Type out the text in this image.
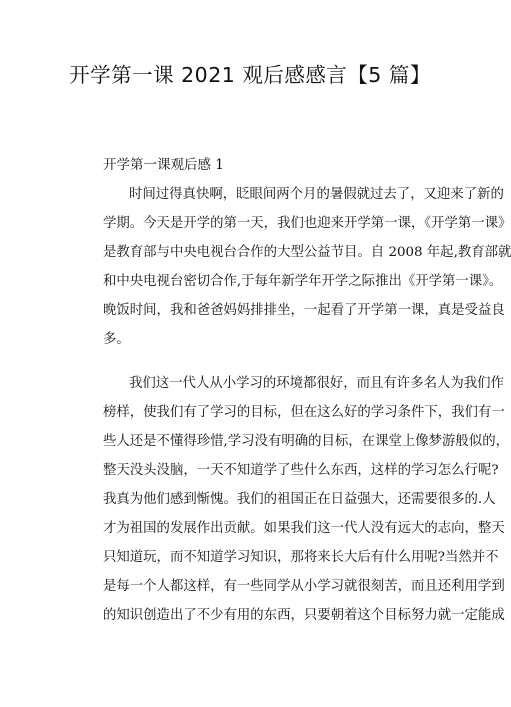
开学第一课 2021 观后感感言【5 篇】
开学第一课观后感 1
时间过得真快啊，眨眼间两个月的暑假就过去了，又迎来了新的
学期。今天是开学的第一天，我们也迎来开学第一课，《开学第一课》
是教育部与中央电视台合作的大型公益节目。自 2008 年起,教育部就
和中央电视台密切合作,于每年新学年开学之际推出《开学第一课》。
晚饭时间，我和爸爸妈妈排排坐，一起看了开学第一课，真是受益良
多。
我们这一代人从小学习的环境都很好，而且有许多名人为我们作
榜样，使我们有了学习的目标，但在这么好的学习条件下，我们有一
些人还是不懂得珍惜,学习没有明确的目标，在课堂上像梦游般似的，
整天没头没脑，一天不知道学了些什么东西，这样的学习怎么行呢?
我真为他们感到惭愧。我们的祖国正在日益强大，还需要很多的.人
才为祖国的发展作出贡献。如果我们这一代人没有远大的志向，整天
只知道玩，而不知道学习知识，那将来长大后有什么用呢?当然并不
是每一个人都这样，有一些同学从小学习就很刻苦，而且还利用学到
的知识创造出了不少有用的东西，只要朝着这个目标努力就一定能成
